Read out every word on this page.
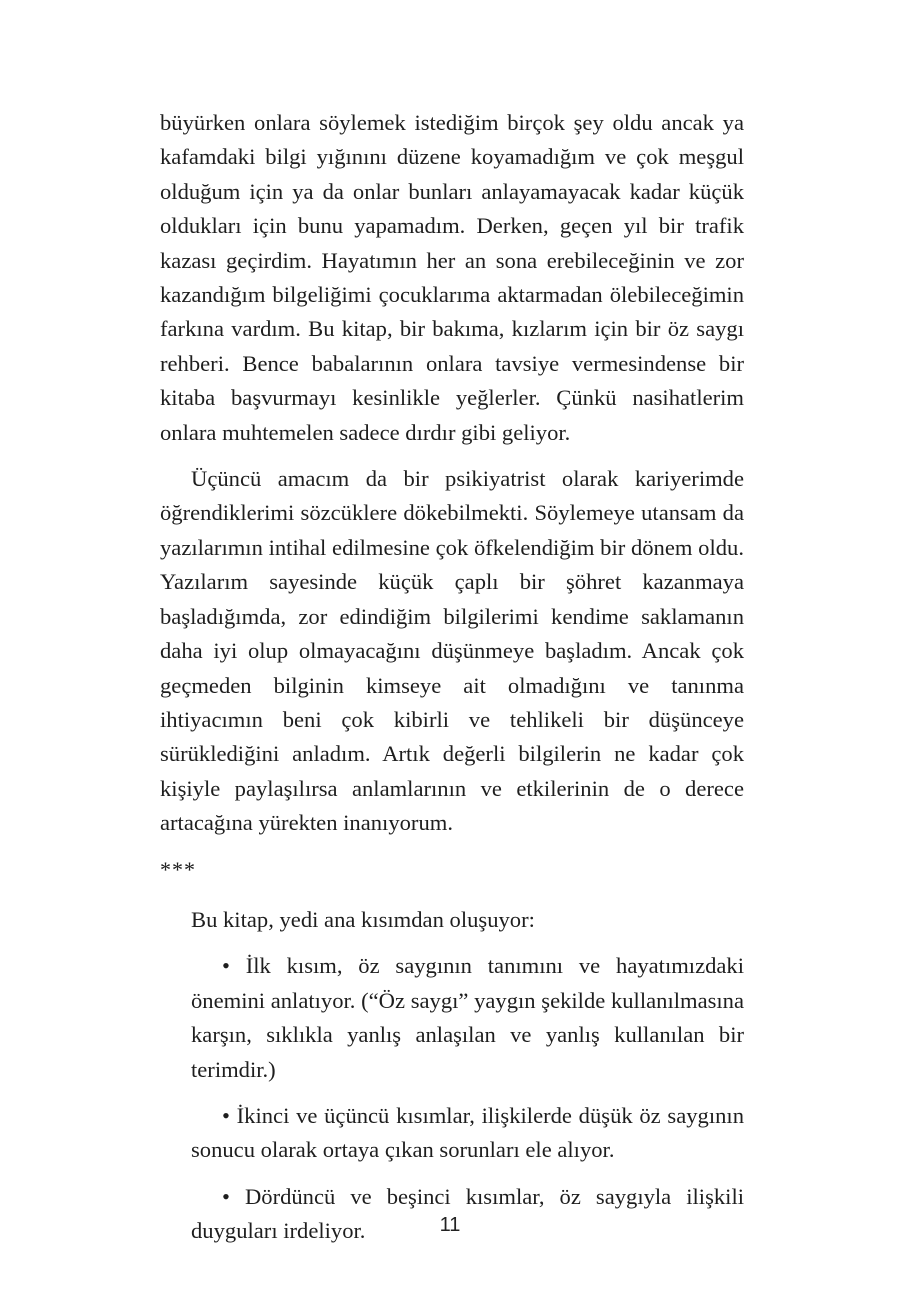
büyürken onlara söylemek istediğim birçok şey oldu ancak ya kafamdaki bilgi yığınını düzene koyamadığım ve çok meşgul olduğum için ya da onlar bunları anlayamayacak kadar küçük oldukları için bunu yapamadım. Derken, geçen yıl bir trafik kazası geçirdim. Hayatımın her an sona erebileceğinin ve zor kazandığım bilgeliğimi çocuklarıma aktarmadan ölebileceğimin farkına vardım. Bu kitap, bir bakıma, kızlarım için bir öz saygı rehberi. Bence babalarının onlara tavsiye vermesindense bir kitaba başvurmayı kesinlikle yeğlerler. Çünkü nasihatlerim onlara muhtemelen sadece dırdır gibi geliyor.

Üçüncü amacım da bir psikiyatrist olarak kariyerimde öğrendiklerimi sözcüklere dökebilmekti. Söylemeye utansam da yazılarımın intihal edilmesine çok öfkelendiğim bir dönem oldu. Yazılarım sayesinde küçük çaplı bir şöhret kazanmaya başladığımda, zor edindiğim bilgilerimi kendime saklamanın daha iyi olup olmayacağını düşünmeye başladım. Ancak çok geçmeden bilginin kimseye ait olmadığını ve tanınma ihtiyacımın beni çok kibirli ve tehlikeli bir düşünceye sürüklediğini anladım. Artık değerli bilgilerin ne kadar çok kişiyle paylaşılırsa anlamlarının ve etkilerinin de o derece artacağına yürekten inanıyorum.

***

Bu kitap, yedi ana kısımdan oluşuyor:

• İlk kısım, öz saygının tanımını ve hayatımızdaki önemini anlatıyor. (“Öz saygı” yaygın şekilde kullanılmasına karşın, sıklıkla yanlış anlaşılan ve yanlış kullanılan bir terimdir.)
• İkinci ve üçüncü kısımlar, ilişkilerde düşük öz saygının sonucu olarak ortaya çıkan sorunları ele alıyor.
• Dördüncü ve beşinci kısımlar, öz saygıyla ilişkili duyguları irdeliyor.	11
